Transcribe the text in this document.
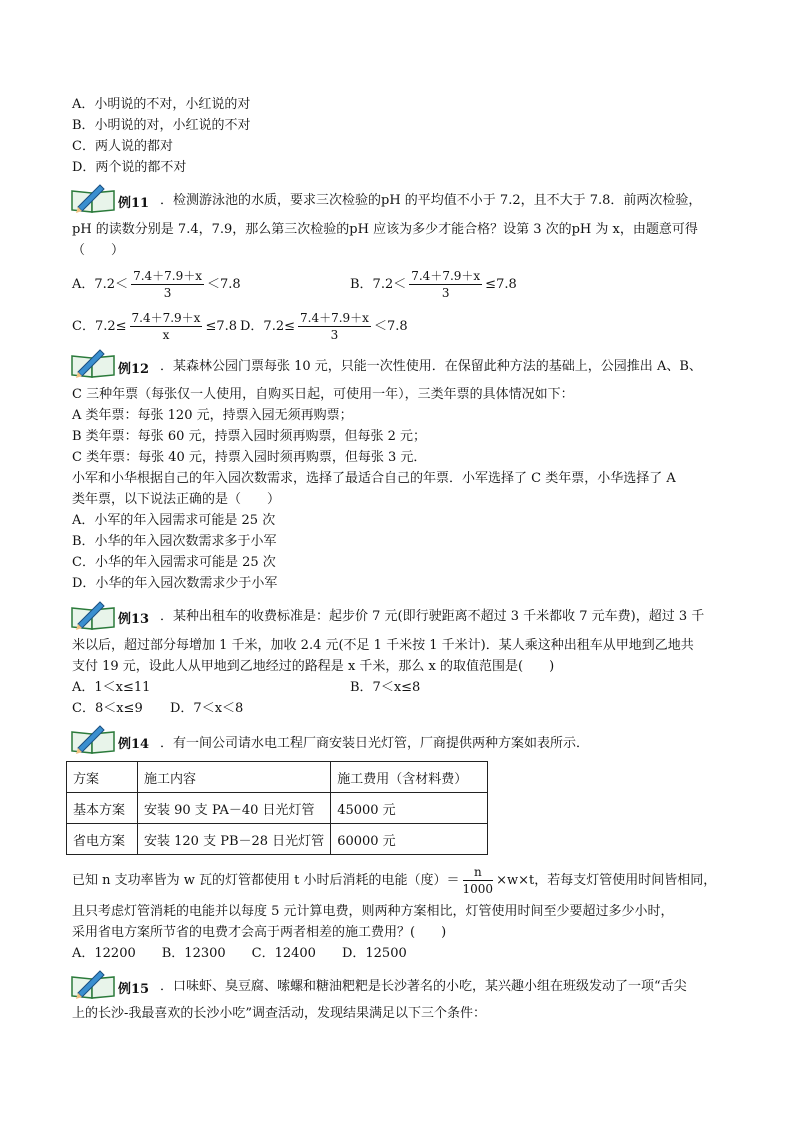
A．小明说的不对，小红说的对
B．小明说的对，小红说的不对
C．两人说的都对
D．两个说的都不对
例11 ．检测游泳池的水质，要求三次检验的pH 的平均值不小于 7.2，且不大于 7.8．前两次检验，
pH 的读数分别是 7.4，7.9，那么第三次检验的pH 应该为多少才能合格？设第 3 次的pH 为 x，由题意可得
（　　）
A．$7.2< \frac{7.4+7.9+x}{3} <7.8$	B．$7.2< \frac{7.4+7.9+x}{3} \le 7.8$
C．$7.2\le \frac{7.4+7.9+x}{x} \le 7.8$ D．$7.2\le \frac{7.4+7.9+x}{3} <7.8$
例12 ．某森林公园门票每张 10 元，只能一次性使用．在保留此种方法的基础上，公园推出 A、B、
C 三种年票（每张仅一人使用，自购买日起，可使用一年），三类年票的具体情况如下：
A 类年票：每张 120 元，持票入园无须再购票；
B 类年票：每张 60 元，持票入园时须再购票，但每张 2 元；
C 类年票：每张 40 元，持票入园时须再购票，但每张 3 元．
小军和小华根据自己的年入园次数需求，选择了最适合自己的年票．小军选择了 C 类年票，小华选择了 A
类年票，以下说法正确的是（　　）
A．小军的年入园需求可能是 25 次
B．小华的年入园次数需求多于小军
C．小华的年入园需求可能是 25 次
D．小华的年入园次数需求少于小军
例13 ．某种出租车的收费标准是：起步价 7 元(即行驶距离不超过 3 千米都收 7 元车费)，超过 3 千
米以后，超过部分每增加 1 千米，加收 2.4 元(不足 1 千米按 1 千米计)．某人乘这种出租车从甲地到乙地共
支付 19 元，设此人从甲地到乙地经过的路程是 x 千米，那么 x 的取值范围是(　　)
A．1＜x≤11	B．7＜x≤8
C．8＜x≤9 D．7＜x＜8
例14 ．有一间公司请水电工程厂商安装日光灯管，厂商提供两种方案如表所示．
方案	施工内容	施工费用（含材料费）
基本方案	安装 90 支 PA－40 日光灯管	45000 元
省电方案	安装 120 支 PB－28 日光灯管	60000 元
已知 n 支功率皆为 w 瓦的灯管都使用 t 小时后消耗的电能（度）＝ $\frac{n}{1000} \times w\times t$，若每支灯管使用时间皆相同，
且只考虑灯管消耗的电能并以每度 5 元计算电费，则两种方案相比，灯管使用时间至少要超过多少小时，
采用省电方案所节省的电费才会高于两者相差的施工费用？(　　)
A．12200　　B．12300　　C．12400　　D．12500
例15 ．口味虾、臭豆腐、嗦螺和糖油粑粑是长沙著名的小吃，某兴趣小组在班级发动了一项“舌尖
上的长沙-我最喜欢的长沙小吃”调查活动，发现结果满足以下三个条件：
